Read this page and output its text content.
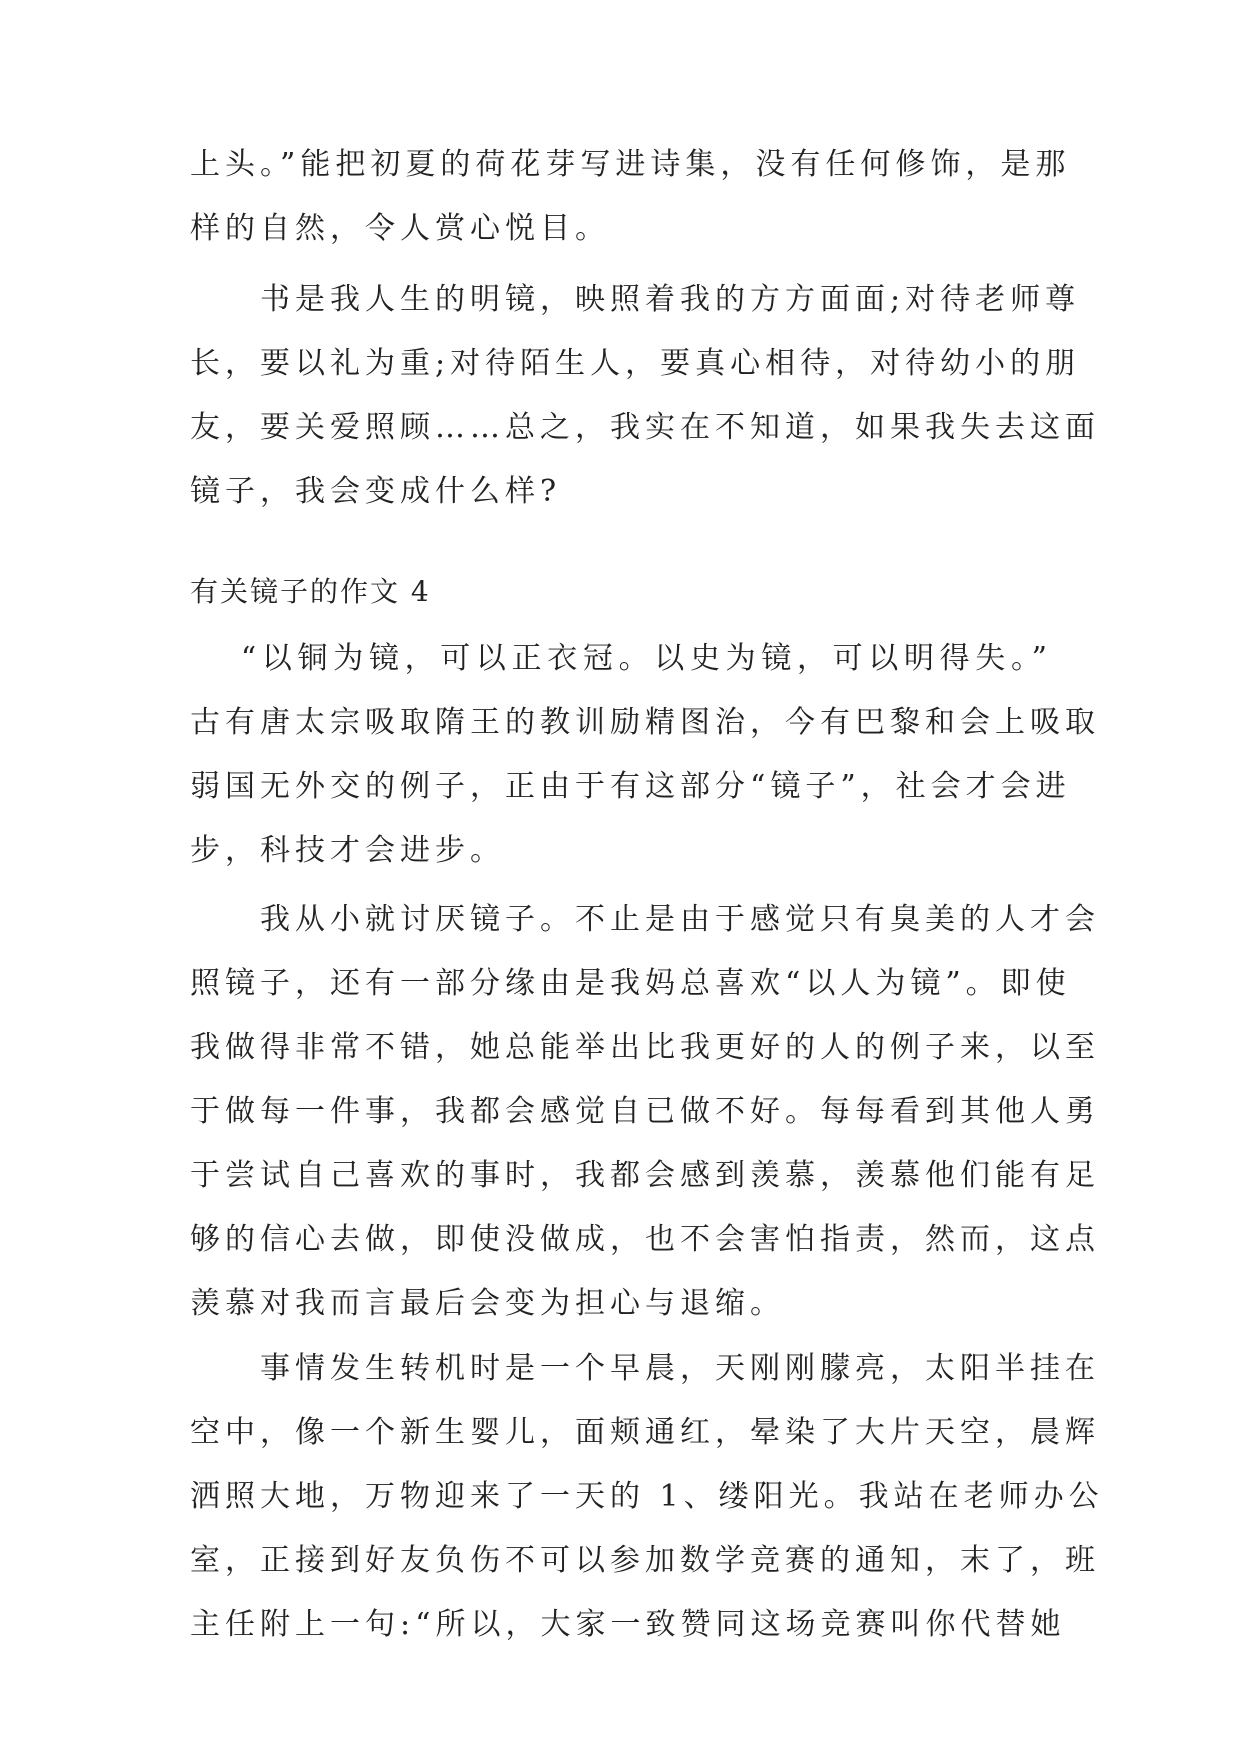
上头。”能把初夏的荷花芽写进诗集，没有任何修饰，是那
样的自然，令人赏心悦目。
　　书是我人生的明镜，映照着我的方方面面;对待老师尊
长，要以礼为重;对待陌生人，要真心相待，对待幼小的朋
友，要关爱照顾……总之，我实在不知道，如果我失去这面
镜子，我会变成什么样?
有关镜子的作文 4
　 “以铜为镜，可以正衣冠。以史为镜，可以明得失。”
古有唐太宗吸取隋王的教训励精图治，今有巴黎和会上吸取
弱国无外交的例子，正由于有这部分“镜子”，社会才会进
步，科技才会进步。
　　我从小就讨厌镜子。不止是由于感觉只有臭美的人才会
照镜子，还有一部分缘由是我妈总喜欢“以人为镜”。即使
我做得非常不错，她总能举出比我更好的人的例子来，以至
于做每一件事，我都会感觉自已做不好。每每看到其他人勇
于尝试自己喜欢的事时，我都会感到羡慕，羡慕他们能有足
够的信心去做，即使没做成，也不会害怕指责，然而，这点
羡慕对我而言最后会变为担心与退缩。
　　事情发生转机时是一个早晨，天刚刚朦亮，太阳半挂在
空中，像一个新生婴儿，面颊通红，晕染了大片天空，晨辉
洒照大地，万物迎来了一天的 1、缕阳光。我站在老师办公
室，正接到好友负伤不可以参加数学竞赛的通知，末了，班
主任附上一句:“所以，大家一致赞同这场竞赛叫你代替她
